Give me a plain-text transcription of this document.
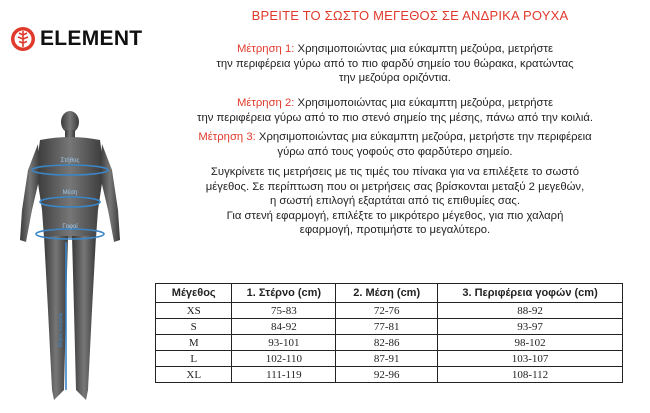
ELEMENT
Στήθος
Μέση
Γοφοί
Μήκος εσωραφ
ΒΡΕΙΤΕ ΤΟ ΣΩΣΤΟ ΜΕΓΕΘΟΣ ΣΕ ΑΝΔΡΙΚΑ ΡΟΥΧΑ
Μέτρηση 1: Χρησιμοποιώντας μια εύκαμπτη μεζούρα, μετρήστε
την περιφέρεια γύρω από το πιο φαρδύ σημείο του θώρακα, κρατώντας
την μεζούρα οριζόντια.
Μέτρηση 2: Χρησιμοποιώντας μια εύκαμπτη μεζούρα, μετρήστε
την περιφέρεια γύρω από το πιο στενό σημείο της μέσης, πάνω από την κοιλιά.
Μέτρηση 3: Χρησιμοποιώντας μια εύκαμπτη μεζούρα, μετρήστε την περιφέρεια
γύρω από τους γοφούς στο φαρδύτερο σημείο.
Συγκρίνετε τις μετρήσεις με τις τιμές του πίνακα για να επιλέξετε το σωστό
μέγεθος. Σε περίπτωση που οι μετρήσεις σας βρίσκονται μεταξύ 2 μεγεθών,
η σωστή επιλογή εξαρτάται από τις επιθυμίες σας.
Για στενή εφαρμογή, επιλέξτε το μικρότερο μέγεθος, για πιο χαλαρή
εφαρμογή, προτιμήστε το μεγαλύτερο.
Μέγεθος	1. Στέρνο (cm)	2. Μέση (cm)	3. Περιφέρεια γοφών (cm)
XS	75-83	72-76	88-92
S	84-92	77-81	93-97
M	93-101	82-86	98-102
L	102-110	87-91	103-107
XL	111-119	92-96	108-112
